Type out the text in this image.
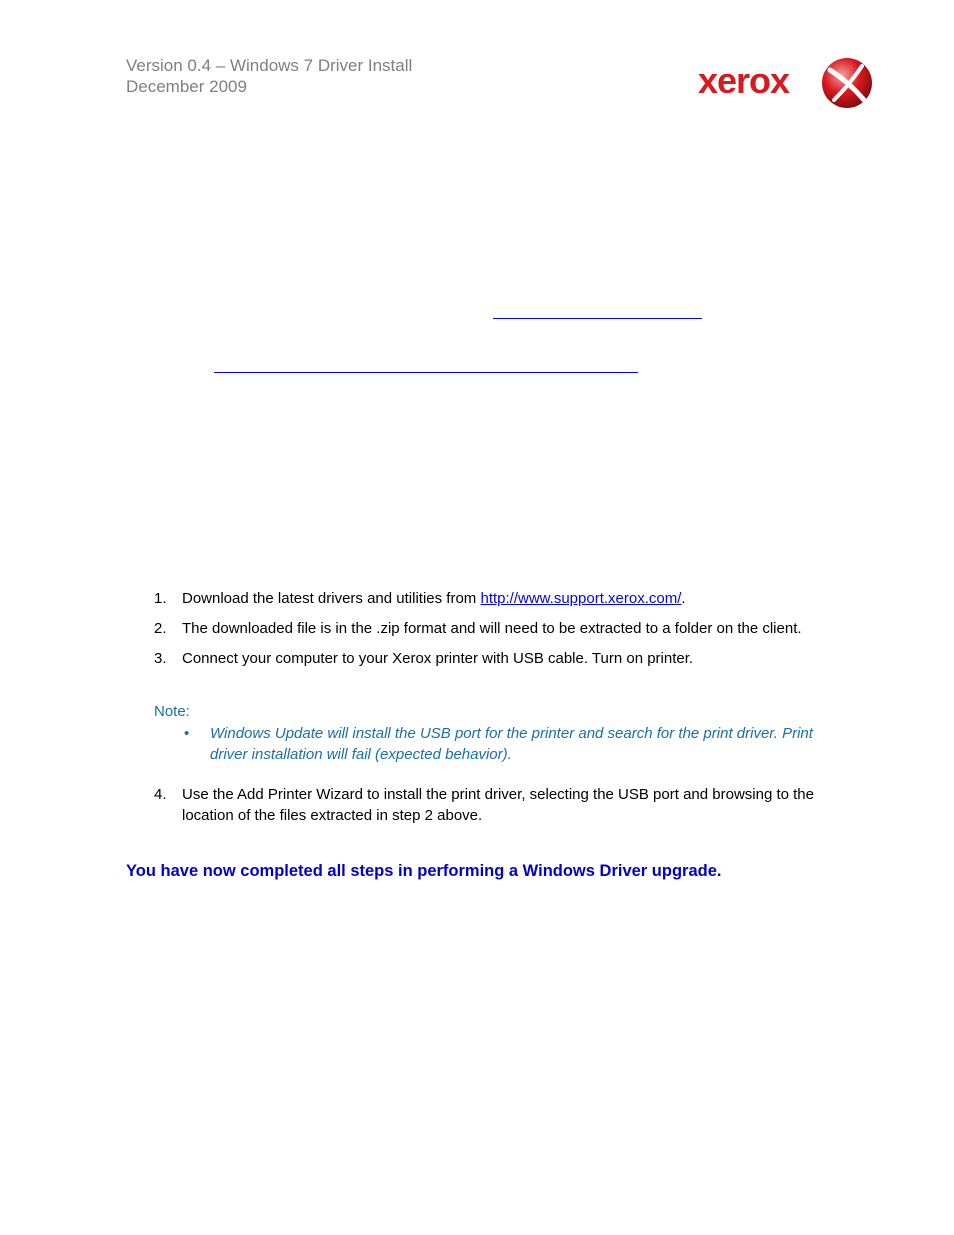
Version 0.4 – Windows 7 Driver Install
December 2009	xerox
1. Download the latest drivers and utilities from http://www.support.xerox.com/.
2. The downloaded file is in the .zip format and will need to be extracted to a folder on the client.
3. Connect your computer to your Xerox printer with USB cable. Turn on printer.
Note:
• Windows Update will install the USB port for the printer and search for the print driver. Print driver installation will fail (expected behavior).
4. Use the Add Printer Wizard to install the print driver, selecting the USB port and browsing to the location of the files extracted in step 2 above.
You have now completed all steps in performing a Windows Driver upgrade.
